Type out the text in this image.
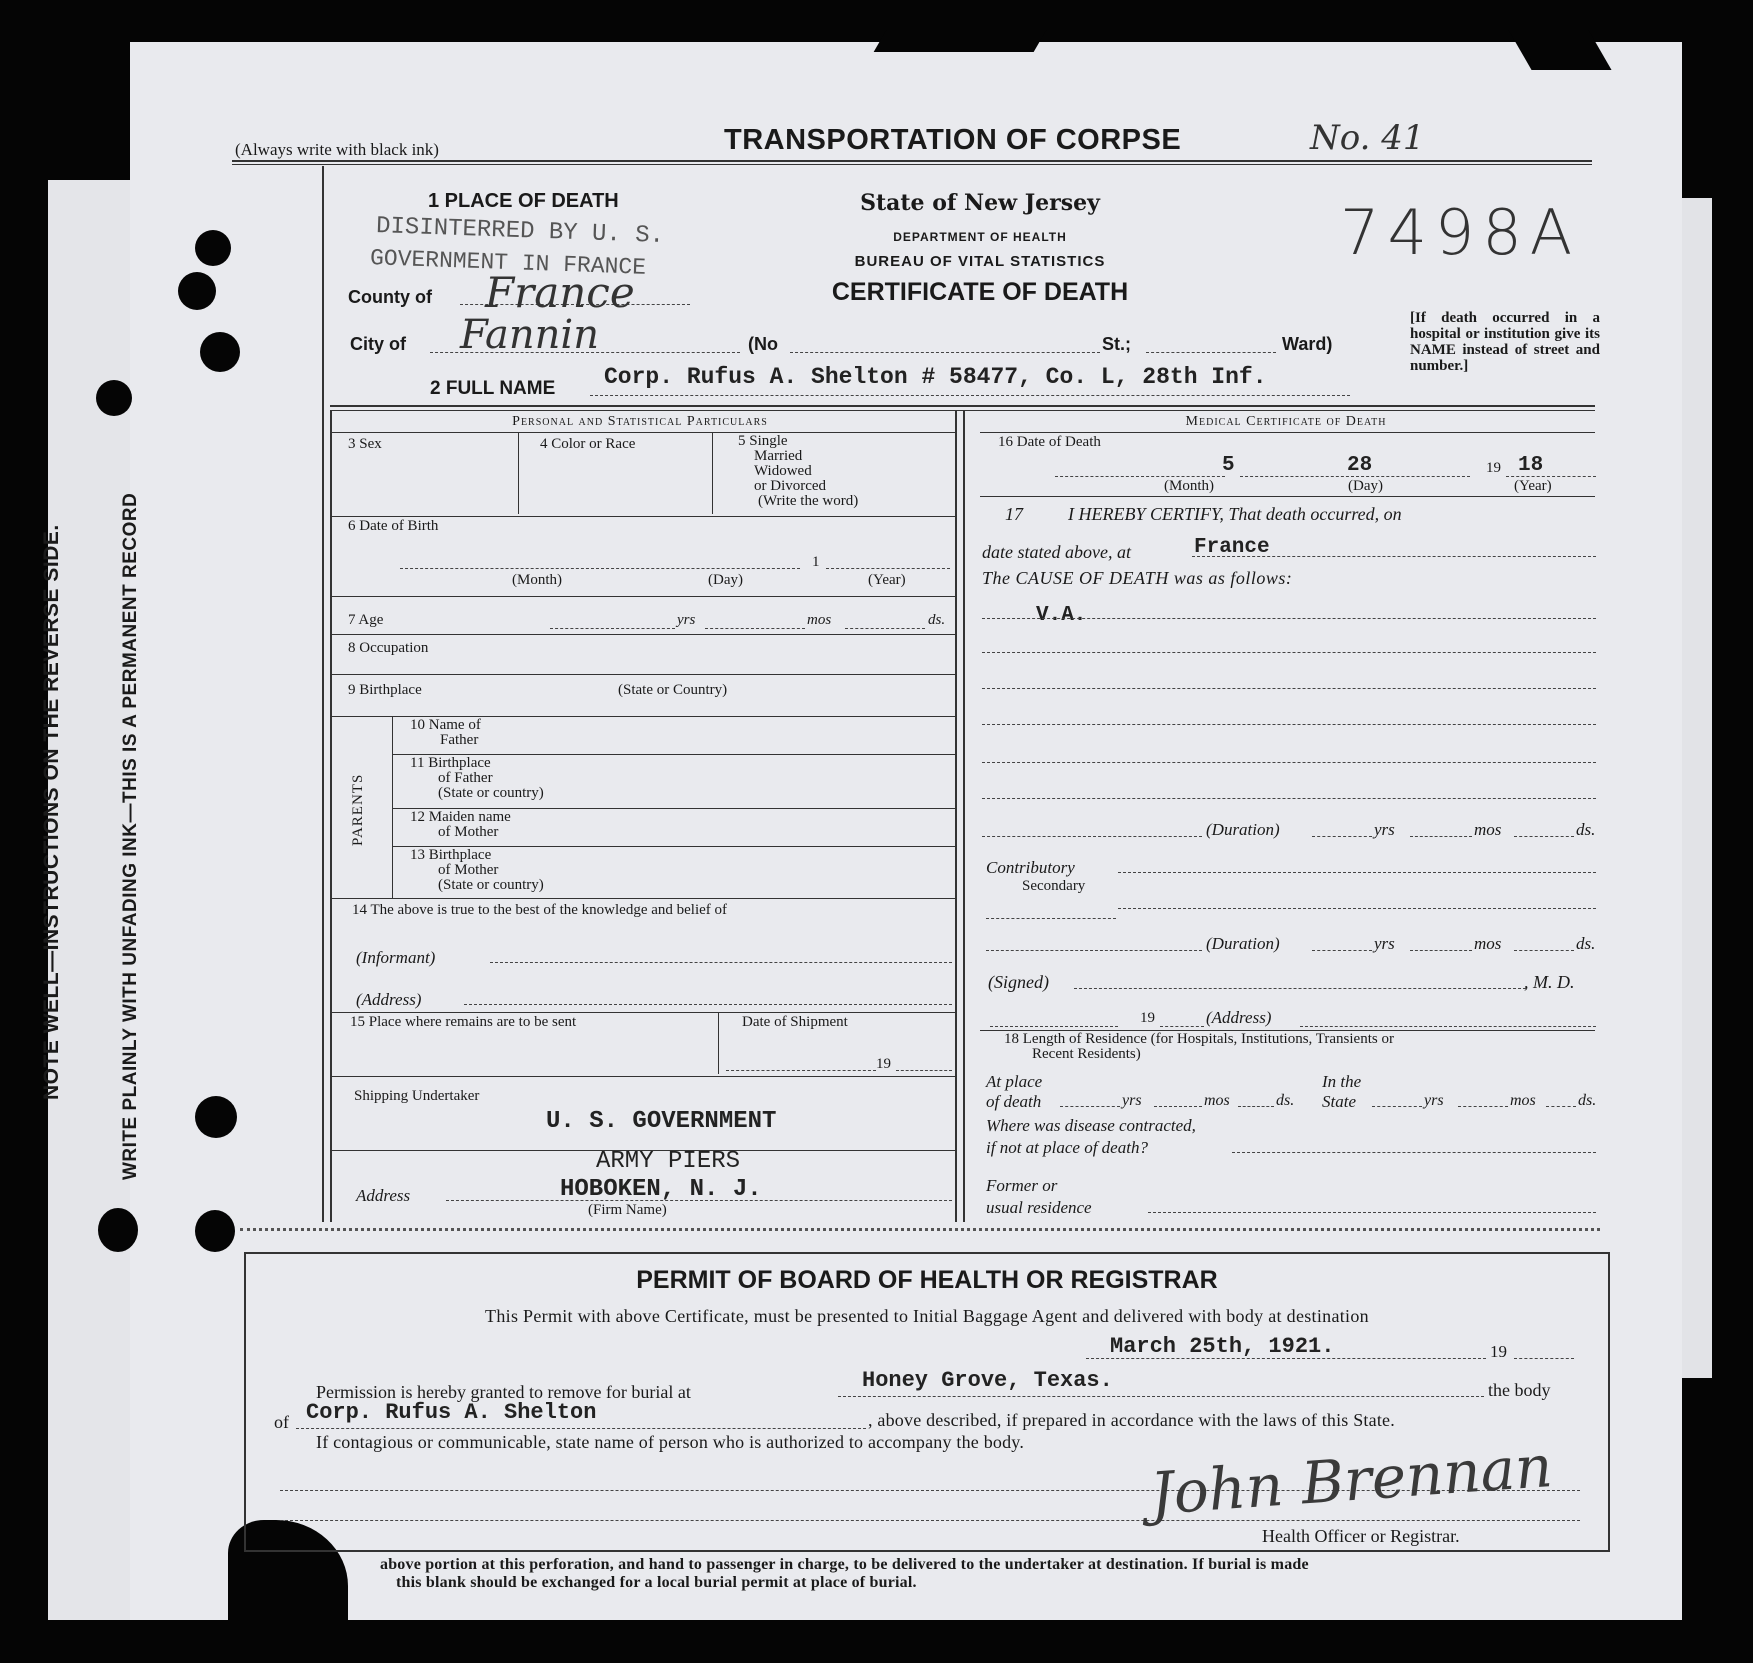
NOTE WELL—INSTRUCTIONS ON THE REVERSE SIDE.	WRITE PLAINLY WITH UNFADING INK—THIS IS A PERMANENT RECORD
(Always write with black ink)	TRANSPORTATION OF CORPSE	No. 41
7498A
State of New Jersey
DEPARTMENT OF HEALTH
BUREAU OF VITAL STATISTICS
CERTIFICATE OF DEATH
1 PLACE OF DEATH
DISINTERRED BY U. S.
GOVERNMENT IN FRANCE
County of France
City of Fannin	(No	St.;	Ward)
[If death occurred in a hospital or institution give its NAME instead of street and number.]
2 FULL NAME Corp. Rufus A. Shelton # 58477, Co. L, 28th Inf.
Personal and Statistical Particulars
3 Sex	4 Color or Race	5 Single
Married
Widowed
or Divorced
(Write the word)
6 Date of Birth
1
(Month)	(Day)	(Year)
7 Age	yrs	mos	ds.
8 Occupation
9 Birthplace	(State or Country)
PARENTS
10 Name of
Father
11 Birthplace
of Father
(State or country)
12 Maiden name
of Mother
13 Birthplace
of Mother
(State or country)
14 The above is true to the best of the knowledge and belief of
(Informant)
(Address)
15 Place where remains are to be sent	Date of Shipment
19
Shipping Undertaker
U. S. GOVERNMENT
ARMY PIERS
HOBOKEN, N. J.
Address
(Firm Name)
Medical Certificate of Death
16 Date of Death
5	28	19 18
(Month)	(Day)	(Year)
17          I HEREBY CERTIFY, That death occurred, on
date stated above, at	France
The CAUSE OF DEATH was as follows:
V.A.
(Duration)	yrs	mos	ds.
Contributory
Secondary
(Duration)	yrs	mos	ds.
(Signed)	, M. D.
19	(Address)
18 Length of Residence (for Hospitals, Institutions, Transients or
Recent Residents)
At place
of death	yrs	mos	ds.
In the
State	yrs	mos	ds.
Where was disease contracted,
if not at place of death?
Former or
usual residence
PERMIT OF BOARD OF HEALTH OR REGISTRAR
This Permit with above Certificate, must be presented to Initial Baggage Agent and delivered with body at destination
March 25th, 1921.	19
Permission is hereby granted to remove for burial at	Honey Grove, Texas.	the body
of Corp. Rufus A. Shelton	, above described, if prepared in accordance with the laws of this State.
If contagious or communicable, state name of person who is authorized to accompany the body. John Brennan
Health Officer or Registrar.
above portion at this perforation, and hand to passenger in charge, to be delivered to the undertaker at destination. If burial is made
this blank should be exchanged for a local burial permit at place of burial.
